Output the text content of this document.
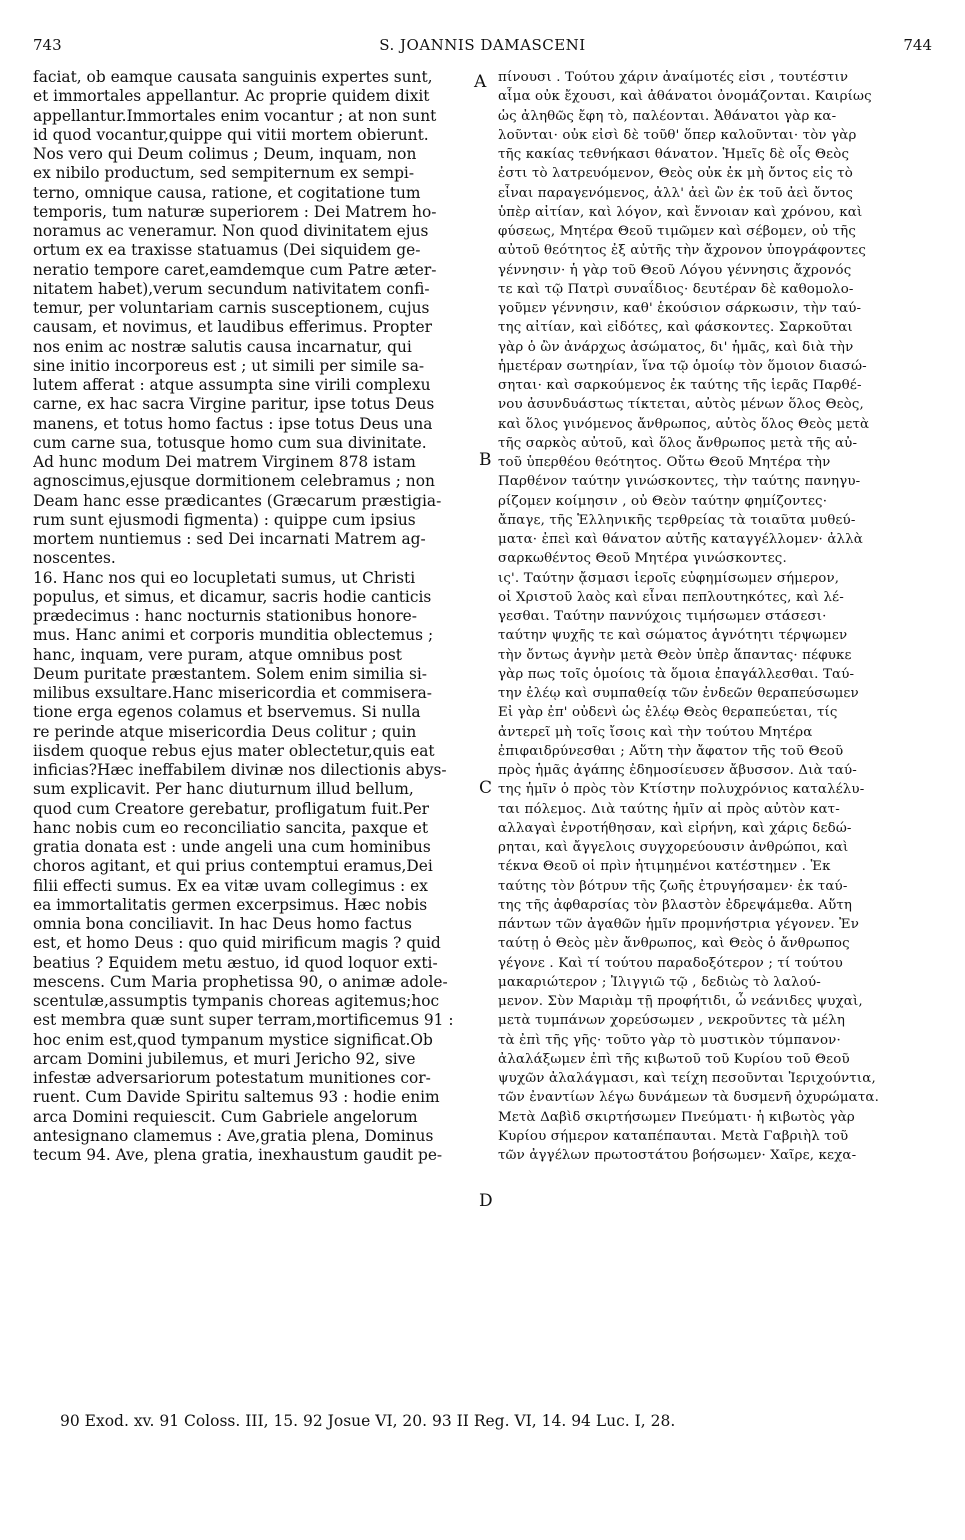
743	S. JOANNIS DAMASCENI	744
faciat, ob eamque causata sanguinis expertes sunt,
et immortales appellantur. Ac proprie quidem dixit
appellantur.Immortales enim vocantur ; at non sunt
id quod vocantur,quippe qui vitii mortem obierunt.
Nos vero qui Deum colimus ; Deum, inquam, non
ex nibilo productum, sed sempiternum ex sempi-
terno, omnique causa, ratione, et cogitatione tum
temporis, tum naturæ superiorem : Dei Matrem ho-
noramus ac veneramur. Non quod divinitatem ejus
ortum ex ea traxisse statuamus (Dei siquidem ge-
neratio tempore caret,eamdemque cum Patre æter-
nitatem habet),verum secundum nativitatem confi-
temur, per voluntariam carnis susceptionem, cujus
causam, et novimus, et laudibus efferimus. Propter
nos enim ac nostræ salutis causa incarnatur, qui
sine initio incorporeus est ; ut simili per simile sa-
lutem afferat : atque assumpta sine virili complexu
carne, ex hac sacra Virgine paritur, ipse totus Deus
manens, et totus homo factus : ipse totus Deus una
cum carne sua, totusque homo cum sua divinitate.
Ad hunc modum Dei matrem Virginem 878 istam
agnoscimus,ejusque dormitionem celebramus ; non
Deam hanc esse prædicantes (Græcarum præstigia-
rum sunt ejusmodi figmenta) : quippe cum ipsius
mortem nuntiemus : sed Dei incarnati Matrem ag-
noscentes.
16. Hanc nos qui eo locupletati sumus, ut Christi
populus, et simus, et dicamur, sacris hodie canticis
prædecimus : hanc nocturnis stationibus honore-
mus. Hanc animi et corporis munditia oblectemus ;
hanc, inquam, vere puram, atque omnibus post
Deum puritate præstantem. Solem enim similia si-
milibus exsultare.Hanc misericordia et commisera-
tione erga egenos colamus et bservemus. Si nulla
re perinde atque misericordia Deus colitur ; quin
iisdem quoque rebus ejus mater oblectetur,quis eat
inficias?Hæc ineffabilem divinæ nos dilectionis abys-
sum explicavit. Per hanc diuturnum illud bellum,
quod cum Creatore gerebatur, profligatum fuit.Per
hanc nobis cum eo reconciliatio sancita, paxque et
gratia donata est : unde angeli una cum hominibus
choros agitant, et qui prius contemptui eramus,Dei
filii effecti sumus. Ex ea vitæ uvam collegimus : ex
ea immortalitatis germen excerpsimus. Hæc nobis
omnia bona conciliavit. In hac Deus homo factus
est, et homo Deus : quo quid mirificum magis ? quid
beatius ? Equidem metu æstuo, id quod loquor exti-
mescens. Cum Maria prophetissa 90, o animæ adole-
scentulæ,assumptis tympanis choreas agitemus;hoc
est membra quæ sunt super terram,mortificemus 91 :
hoc enim est,quod tympanum mystice significat.Ob
arcam Domini jubilemus, et muri Jericho 92, sive
infestæ adversariorum potestatum munitiones cor-
ruent. Cum Davide Spiritu saltemus 93 : hodie enim
arca Domini requiescit. Cum Gabriele angelorum
antesignano clamemus : Ave,gratia plena, Dominus
tecum 94. Ave, plena gratia, inexhaustum gaudit pe-
πίνουσι . Τούτου χάριν ἀναίμοτές εἰσι , τουτέστιν
αἷμα οὐκ ἔχουσι, καὶ ἀθάνατοι ὀνομάζονται. Καιρίως
ὡς ἀληθῶς ἔφη τὸ, παλέονται. Ἀθάνατοι γὰρ κα-
λοῦνται· οὐκ εἰσὶ δὲ τοῦθ' ὅπερ καλοῦνται· τὸν γὰρ
τῆς κακίας τεθνήκασι θάνατον. Ἡμεῖς δὲ οἷς Θεὸς
ἐστι τὸ λατρευόμενον, Θεὸς οὐκ ἐκ μὴ ὄντος εἰς τὸ
εἶναι παραγενόμενος, ἀλλ' ἀεὶ ὢν ἐκ τοῦ ἀεὶ ὄντος
ὑπὲρ αἰτίαν, καὶ λόγον, καὶ ἔννοιαν καὶ χρόνου, καὶ
φύσεως, Μητέρα Θεοῦ τιμῶμεν καὶ σέβομεν, οὐ τῆς
αὐτοῦ θεότητος ἐξ αὐτῆς τὴν ἄχρονον ὑπογράφοντες
γέννησιν· ἡ γὰρ τοῦ Θεοῦ Λόγου γέννησις ἄχρονός
τε καὶ τῷ Πατρὶ συναΐδιος· δευτέραν δὲ καθομολο-
γοῦμεν γέννησιν, καθ' ἑκούσιον σάρκωσιν, τὴν ταύ-
της αἰτίαν, καὶ εἰδότες, καὶ φάσκοντες. Σαρκοῦται
γὰρ ὁ ὢν ἀνάρχως ἀσώματος, δι' ἡμᾶς, καὶ διὰ τὴν
ἡμετέραν σωτηρίαν, ἵνα τῷ ὁμοίῳ τὸν ὅμοιον διασώ-
σηται· καὶ σαρκούμενος ἐκ ταύτης τῆς ἱερᾶς Παρθέ-
νου ἀσυνδυάστως τίκτεται, αὐτὸς μένων ὅλος Θεὸς,
καὶ ὅλος γινόμενος ἄνθρωπος, αὐτὸς ὅλος Θεὸς μετὰ
τῆς σαρκὸς αὐτοῦ, καὶ ὅλος ἄνθρωπος μετὰ τῆς αὐ-
τοῦ ὑπερθέου θεότητος. Οὕτω Θεοῦ Μητέρα τὴν
Παρθένον ταύτην γινώσκοντες, τὴν ταύτης πανηγυ-
ρίζομεν κοίμησιν , οὐ Θεὸν ταύτην φημίζοντες·
ἄπαγε, τῆς Ἑλληνικῆς τερθρείας τὰ τοιαῦτα μυθεύ-
ματα· ἐπεὶ καὶ θάνατον αὐτῆς καταγγέλλομεν· ἀλλὰ
σαρκωθέντος Θεοῦ Μητέρα γινώσκοντες.
ις'. Ταύτην ᾄσμασι ἱεροῖς εὐφημίσωμεν σήμερον,
οἱ Χριστοῦ λαὸς καὶ εἶναι πεπλουτηκότες, καὶ λέ-
γεσθαι. Ταύτην παννύχοις τιμήσωμεν στάσεσι·
ταύτην ψυχῆς τε καὶ σώματος ἁγνότητι τέρψωμεν
τὴν ὄντως ἁγνὴν μετὰ Θεὸν ὑπὲρ ἅπαντας· πέφυκε
γὰρ πως τοῖς ὁμοίοις τὰ ὅμοια ἐπαγάλλεσθαι. Ταύ-
την ἐλέῳ καὶ συμπαθείᾳ τῶν ἐνδεῶν θεραπεύσωμεν
Εἰ γὰρ ἐπ' οὐδενὶ ὡς ἐλέῳ Θεὸς θεραπεύεται, τίς
ἀντερεῖ μὴ τοῖς ἴσοις καὶ τὴν τούτου Μητέρα
ἐπιφαιδρύνεσθαι ; Αὕτη τὴν ἄφατον τῆς τοῦ Θεοῦ
πρὸς ἡμᾶς ἀγάπης ἐδημοσίευσεν ἄβυσσον. Διὰ ταύ-
της ἡμῖν ὁ πρὸς τὸν Κτίστην πολυχρόνιος καταλέλυ-
ται πόλεμος. Διὰ ταύτης ἡμῖν αἱ πρὸς αὐτὸν κατ-
αλλαγαὶ ἐνροτήθησαν, καὶ εἰρήνη, καὶ χάρις δεδώ-
ρηται, καὶ ἄγγελοις συγχορεύουσιν ἀνθρώποι, καὶ
τέκνα Θεοῦ οἱ πρὶν ἠτιμημένοι κατέστημεν . Ἐκ
ταύτης τὸν βότρυν τῆς ζωῆς ἐτρυγήσαμεν· ἐκ ταύ-
της τῆς ἀφθαρσίας τὸν βλαστὸν ἐδρεψάμεθα. Αὕτη
πάντων τῶν ἀγαθῶν ἡμῖν προμνήστρια γέγονεν. Ἐν
ταύτῃ ὁ Θεὸς μὲν ἄνθρωπος, καὶ Θεὸς ὁ ἄνθρωπος
γέγονε . Καὶ τί τούτου παραδοξότερον ; τί τούτου
μακαριώτερον ; Ἰλιγγιῶ τῷ , δεδιὼς τὸ λαλού-
μενον. Σὺν Μαριὰμ τῇ προφήτιδι, ὦ νεάνιδες ψυχαὶ,
μετὰ τυμπάνων χορεύσωμεν , νεκροῦντες τὰ μέλη
τὰ ἐπὶ τῆς γῆς· τοῦτο γὰρ τὸ μυστικὸν τύμπανον·
ἀλαλάξωμεν ἐπὶ τῆς κιβωτοῦ τοῦ Κυρίου τοῦ Θεοῦ
ψυχῶν ἀλαλάγμασι, καὶ τείχη πεσοῦνται Ἰεριχούντια,
τῶν ἐναντίων λέγω δυνάμεων τὰ δυσμενῆ ὀχυρώματα.
Μετὰ Δαβὶδ σκιρτήσωμεν Πνεύματι· ἡ κιβωτὸς γὰρ
Κυρίου σήμερον καταπέπαυται. Μετὰ Γαβριὴλ τοῦ
τῶν ἀγγέλων πρωτοστάτου βοήσωμεν· Χαῖρε, κεχα-
A
B
C
D
90 Exod. xv. 91 Coloss. III, 15. 92 Josue VI, 20. 93 II Reg. VI, 14. 94 Luc. I, 28.
